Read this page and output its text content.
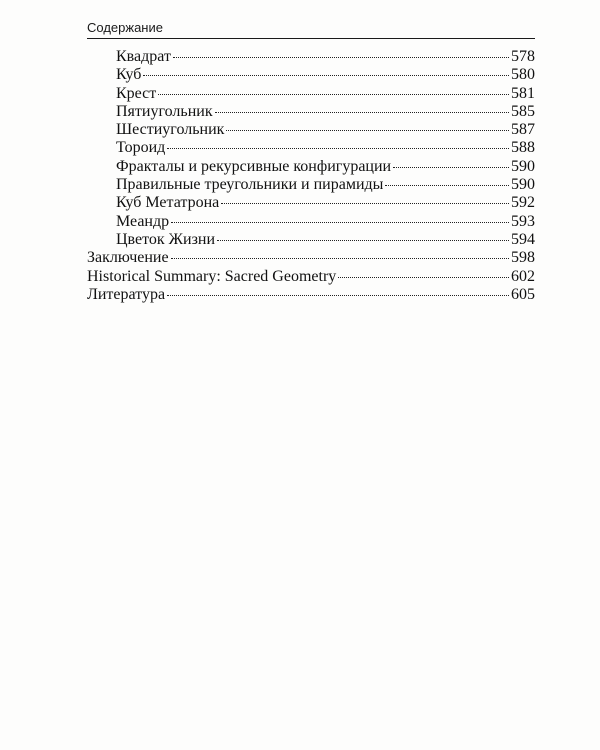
Содержание
Квадрат	578
Куб	580
Крест	581
Пятиугольник	585
Шестиугольник	587
Тороид	588
Фракталы и рекурсивные конфигурации	590
Правильные треугольники и пирамиды	590
Куб Метатрона	592
Меандр	593
Цветок Жизни	594
Заключение	598
Historical Summary: Sacred Geometry	602
Литература	605
